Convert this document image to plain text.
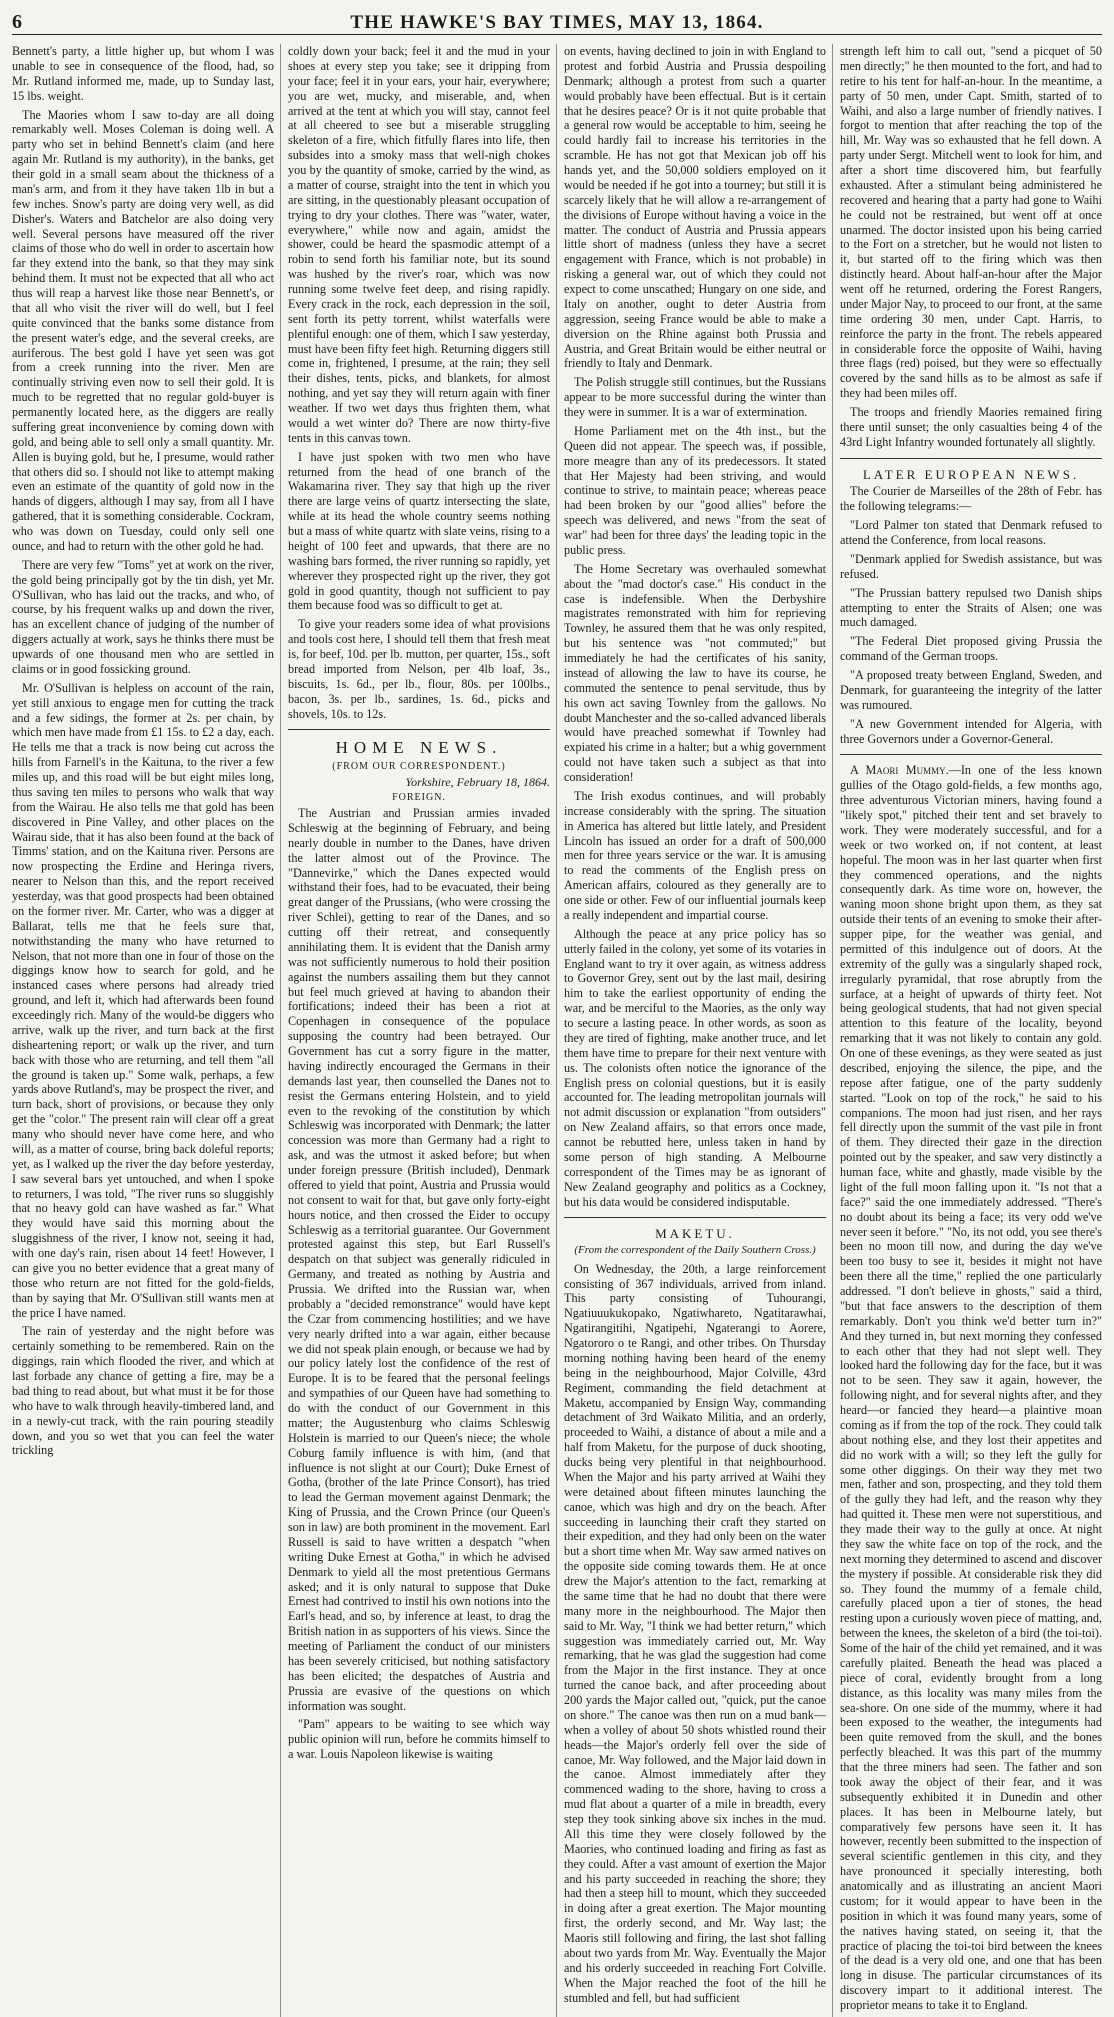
6	THE HAWKE'S BAY TIMES, MAY 13, 1864.

Bennett's party, a little higher up, but whom I was unable to see in consequence of the flood, had, so Mr. Rutland informed me, made, up to Sunday last, 15 lbs. weight.

The Maories whom I saw to-day are all doing remarkably well. Moses Coleman is doing well. A party who set in behind Bennett's claim (and here again Mr. Rutland is my authority), in the banks, get their gold in a small seam about the thickness of a man's arm, and from it they have taken 1lb in but a few inches. Snow's party are doing very well, as did Disher's. Waters and Batchelor are also doing very well. Several persons have measured off the river claims of those who do well in order to ascertain how far they extend into the bank, so that they may sink behind them. It must not be expected that all who act thus will reap a harvest like those near Bennett's, or that all who visit the river will do well, but I feel quite convinced that the banks some distance from the present water's edge, and the several creeks, are auriferous. The best gold I have yet seen was got from a creek running into the river. Men are continually striving even now to sell their gold. It is much to be regretted that no regular gold-buyer is permanently located here, as the diggers are really suffering great inconvenience by coming down with gold, and being able to sell only a small quantity. Mr. Allen is buying gold, but he, I presume, would rather that others did so. I should not like to attempt making even an estimate of the quantity of gold now in the hands of diggers, although I may say, from all I have gathered, that it is something considerable. Cockram, who was down on Tuesday, could only sell one ounce, and had to return with the other gold he had.

There are very few "Toms" yet at work on the river, the gold being principally got by the tin dish, yet Mr. O'Sullivan, who has laid out the tracks, and who, of course, by his frequent walks up and down the river, has an excellent chance of judging of the number of diggers actually at work, says he thinks there must be upwards of one thousand men who are settled in claims or in good fossicking ground.

Mr. O'Sullivan is helpless on account of the rain, yet still anxious to engage men for cutting the track and a few sidings, the former at 2s. per chain, by which men have made from £1 15s. to £2 a day, each. He tells me that a track is now being cut across the hills from Farnell's in the Kaituna, to the river a few miles up, and this road will be but eight miles long, thus saving ten miles to persons who walk that way from the Wairau. He also tells me that gold has been discovered in Pine Valley, and other places on the Wairau side, that it has also been found at the back of Timms' station, and on the Kaituna river. Persons are now prospecting the Erdine and Heringa rivers, nearer to Nelson than this, and the report received yesterday, was that good prospects had been obtained on the former river. Mr. Carter, who was a digger at Ballarat, tells me that he feels sure that, notwithstanding the many who have returned to Nelson, that not more than one in four of those on the diggings know how to search for gold, and he instanced cases where persons had already tried ground, and left it, which had afterwards been found exceedingly rich. Many of the would-be diggers who arrive, walk up the river, and turn back at the first disheartening report; or walk up the river, and turn back with those who are returning, and tell them "all the ground is taken up." Some walk, perhaps, a few yards above Rutland's, may be prospect the river, and turn back, short of provisions, or because they only get the "color." The present rain will clear off a great many who should never have come here, and who will, as a matter of course, bring back doleful reports; yet, as I walked up the river the day before yesterday, I saw several bars yet untouched, and when I spoke to returners, I was told, "The river runs so sluggishly that no heavy gold can have washed as far." What they would have said this morning about the sluggishness of the river, I know not, seeing it had, with one day's rain, risen about 14 feet! However, I can give you no better evidence that a great many of those who return are not fitted for the gold-fields, than by saying that Mr. O'Sullivan still wants men at the price I have named.

The rain of yesterday and the night before was certainly something to be remembered. Rain on the diggings, rain which flooded the river, and which at last forbade any chance of getting a fire, may be a bad thing to read about, but what must it be for those who have to walk through heavily-timbered land, and in a newly-cut track, with the rain pouring steadily down, and you so wet that you can feel the water trickling

coldly down your back; feel it and the mud in your shoes at every step you take; see it dripping from your face; feel it in your ears, your hair, everywhere; you are wet, mucky, and miserable, and, when arrived at the tent at which you will stay, cannot feel at all cheered to see but a miserable struggling skeleton of a fire, which fitfully flares into life, then subsides into a smoky mass that well-nigh chokes you by the quantity of smoke, carried by the wind, as a matter of course, straight into the tent in which you are sitting, in the questionably pleasant occupation of trying to dry your clothes. There was "water, water, everywhere," while now and again, amidst the shower, could be heard the spasmodic attempt of a robin to send forth his familiar note, but its sound was hushed by the river's roar, which was now running some twelve feet deep, and rising rapidly. Every crack in the rock, each depression in the soil, sent forth its petty torrent, whilst waterfalls were plentiful enough: one of them, which I saw yesterday, must have been fifty feet high. Returning diggers still come in, frightened, I presume, at the rain; they sell their dishes, tents, picks, and blankets, for almost nothing, and yet say they will return again with finer weather. If two wet days thus frighten them, what would a wet winter do? There are now thirty-five tents in this canvas town.

I have just spoken with two men who have returned from the head of one branch of the Wakamarina river. They say that high up the river there are large veins of quartz intersecting the slate, while at its head the whole country seems nothing but a mass of white quartz with slate veins, rising to a height of 100 feet and upwards, that there are no washing bars formed, the river running so rapidly, yet wherever they prospected right up the river, they got gold in good quantity, though not sufficient to pay them because food was so difficult to get at.

To give your readers some idea of what provisions and tools cost here, I should tell them that fresh meat is, for beef, 10d. per lb. mutton, per quarter, 15s., soft bread imported from Nelson, per 4lb loaf, 3s., biscuits, 1s. 6d., per lb., flour, 80s. per 100lbs., bacon, 3s. per lb., sardines, 1s. 6d., picks and shovels, 10s. to 12s.

HOME NEWS.
(FROM OUR CORRESPONDENT.)
Yorkshire, February 18, 1864.
FOREIGN.

The Austrian and Prussian armies invaded Schleswig at the beginning of February, and being nearly double in number to the Danes, have driven the latter almost out of the Province. The "Dannevirke," which the Danes expected would withstand their foes, had to be evacuated, their being great danger of the Prussians, (who were crossing the river Schlei), getting to rear of the Danes, and so cutting off their retreat, and consequently annihilating them. It is evident that the Danish army was not sufficiently numerous to hold their position against the numbers assailing them but they cannot but feel much grieved at having to abandon their fortifications; indeed their has been a riot at Copenhagen in consequence of the populace supposing the country had been betrayed. Our Government has cut a sorry figure in the matter, having indirectly encouraged the Germans in their demands last year, then counselled the Danes not to resist the Germans entering Holstein, and to yield even to the revoking of the constitution by which Schleswig was incorporated with Denmark; the latter concession was more than Germany had a right to ask, and was the utmost it asked before; but when under foreign pressure (British included), Denmark offered to yield that point, Austria and Prussia would not consent to wait for that, but gave only forty-eight hours notice, and then crossed the Eider to occupy Schleswig as a territorial guarantee. Our Government protested against this step, but Earl Russell's despatch on that subject was generally ridiculed in Germany, and treated as nothing by Austria and Prussia. We drifted into the Russian war, when probably a "decided remonstrance" would have kept the Czar from commencing hostilities; and we have very nearly drifted into a war again, either because we did not speak plain enough, or because we had by our policy lately lost the confidence of the rest of Europe. It is to be feared that the personal feelings and sympathies of our Queen have had something to do with the conduct of our Government in this matter; the Augustenburg who claims Schleswig Holstein is married to our Queen's niece; the whole Coburg family influence is with him, (and that influence is not slight at our Court); Duke Ernest of Gotha, (brother of the late Prince Consort), has tried to lead the German movement against Denmark; the King of Prussia, and the Crown Prince (our Queen's son in law) are both prominent in the movement. Earl Russell is said to have written a despatch "when writing Duke Ernest at Gotha," in which he advised Denmark to yield all the most pretentious Germans asked; and it is only natural to suppose that Duke Ernest had contrived to instil his own notions into the Earl's head, and so, by inference at least, to drag the British nation in as supporters of his views. Since the meeting of Parliament the conduct of our ministers has been severely criticised, but nothing satisfactory has been elicited; the despatches of Austria and Prussia are evasive of the questions on which information was sought.

"Pam" appears to be waiting to see which way public opinion will run, before he commits himself to a war. Louis Napoleon likewise is waiting

on events, having declined to join in with England to protest and forbid Austria and Prussia despoiling Denmark; although a protest from such a quarter would probably have been effectual. But is it certain that he desires peace? Or is it not quite probable that a general row would be acceptable to him, seeing he could hardly fail to increase his territories in the scramble. He has not got that Mexican job off his hands yet, and the 50,000 soldiers employed on it would be needed if he got into a tourney; but still it is scarcely likely that he will allow a re-arrangement of the divisions of Europe without having a voice in the matter. The conduct of Austria and Prussia appears little short of madness (unless they have a secret engagement with France, which is not probable) in risking a general war, out of which they could not expect to come unscathed; Hungary on one side, and Italy on another, ought to deter Austria from aggression, seeing France would be able to make a diversion on the Rhine against both Prussia and Austria, and Great Britain would be either neutral or friendly to Italy and Denmark.

The Polish struggle still continues, but the Russians appear to be more successful during the winter than they were in summer. It is a war of extermination.

Home Parliament met on the 4th inst., but the Queen did not appear. The speech was, if possible, more meagre than any of its predecessors. It stated that Her Majesty had been striving, and would continue to strive, to maintain peace; whereas peace had been broken by our "good allies" before the speech was delivered, and news "from the seat of war" had been for three days' the leading topic in the public press.

The Home Secretary was overhauled somewhat about the "mad doctor's case." His conduct in the case is indefensible. When the Derbyshire magistrates remonstrated with him for reprieving Townley, he assured them that he was only respited, but his sentence was "not commuted;" but immediately he had the certificates of his sanity, instead of allowing the law to have its course, he commuted the sentence to penal servitude, thus by his own act saving Townley from the gallows. No doubt Manchester and the so-called advanced liberals would have preached somewhat if Townley had expiated his crime in a halter; but a whig government could not have taken such a subject as that into consideration!

The Irish exodus continues, and will probably increase considerably with the spring. The situation in America has altered but little lately, and President Lincoln has issued an order for a draft of 500,000 men for three years service or the war. It is amusing to read the comments of the English press on American affairs, coloured as they generally are to one side or other. Few of our influential journals keep a really independent and impartial course.

Although the peace at any price policy has so utterly failed in the colony, yet some of its votaries in England want to try it over again, as witness address to Governor Grey, sent out by the last mail, desiring him to take the earliest opportunity of ending the war, and be merciful to the Maories, as the only way to secure a lasting peace. In other words, as soon as they are tired of fighting, make another truce, and let them have time to prepare for their next venture with us. The colonists often notice the ignorance of the English press on colonial questions, but it is easily accounted for. The leading metropolitan journals will not admit discussion or explanation "from outsiders" on New Zealand affairs, so that errors once made, cannot be rebutted here, unless taken in hand by some person of high standing. A Melbourne correspondent of the Times may be as ignorant of New Zealand geography and politics as a Cockney, but his data would be considered indisputable.

MAKETU.
(From the correspondent of the Daily Southern Cross.)

On Wednesday, the 20th, a large reinforcement consisting of 367 individuals, arrived from inland. This party consisting of Tuhourangi, Ngatiuuukukopako, Ngatiwhareto, Ngatitarawhai, Ngatirangitihi, Ngatipehi, Ngaterangi to Aorere, Ngatororo o te Rangi, and other tribes. On Thursday morning nothing having been heard of the enemy being in the neighbourhood, Major Colville, 43rd Regiment, commanding the field detachment at Maketu, accompanied by Ensign Way, commanding detachment of 3rd Waikato Militia, and an orderly, proceeded to Waihi, a distance of about a mile and a half from Maketu, for the purpose of duck shooting, ducks being very plentiful in that neighbourhood. When the Major and his party arrived at Waihi they were detained about fifteen minutes launching the canoe, which was high and dry on the beach. After succeeding in launching their craft they started on their expedition, and they had only been on the water but a short time when Mr. Way saw armed natives on the opposite side coming towards them. He at once drew the Major's attention to the fact, remarking at the same time that he had no doubt that there were many more in the neighbourhood. The Major then said to Mr. Way, "I think we had better return," which suggestion was immediately carried out, Mr. Way remarking, that he was glad the suggestion had come from the Major in the first instance. They at once turned the canoe back, and after proceeding about 200 yards the Major called out, "quick, put the canoe on shore." The canoe was then run on a mud bank—when a volley of about 50 shots whistled round their heads—the Major's orderly fell over the side of canoe, Mr. Way followed, and the Major laid down in the canoe. Almost immediately after they commenced wading to the shore, having to cross a mud flat about a quarter of a mile in breadth, every step they took sinking above six inches in the mud. All this time they were closely followed by the Maories, who continued loading and firing as fast as they could. After a vast amount of exertion the Major and his party succeeded in reaching the shore; they had then a steep hill to mount, which they succeeded in doing after a great exertion. The Major mounting first, the orderly second, and Mr. Way last; the Maoris still following and firing, the last shot falling about two yards from Mr. Way. Eventually the Major and his orderly succeeded in reaching Fort Colville. When the Major reached the foot of the hill he stumbled and fell, but had sufficient

strength left him to call out, "send a picquet of 50 men directly;" he then mounted to the fort, and had to retire to his tent for half-an-hour. In the meantime, a party of 50 men, under Capt. Smith, started of to Waihi, and also a large number of friendly natives. I forgot to mention that after reaching the top of the hill, Mr. Way was so exhausted that he fell down. A party under Sergt. Mitchell went to look for him, and after a short time discovered him, but fearfully exhausted. After a stimulant being administered he recovered and hearing that a party had gone to Waihi he could not be restrained, but went off at once unarmed. The doctor insisted upon his being carried to the Fort on a stretcher, but he would not listen to it, but started off to the firing which was then distinctly heard. About half-an-hour after the Major went off he returned, ordering the Forest Rangers, under Major Nay, to proceed to our front, at the same time ordering 30 men, under Capt. Harris, to reinforce the party in the front. The rebels appeared in considerable force the opposite of Waihi, having three flags (red) poised, but they were so effectually covered by the sand hills as to be almost as safe if they had been miles off.

The troops and friendly Maories remained firing there until sunset; the only casualties being 4 of the 43rd Light Infantry wounded fortunately all slightly.

LATER EUROPEAN NEWS.

The Courier de Marseilles of the 28th of Febr. has the following telegrams:—

"Lord Palmer ton stated that Denmark refused to attend the Conference, from local reasons.

"Denmark applied for Swedish assistance, but was refused.

"The Prussian battery repulsed two Danish ships attempting to enter the Straits of Alsen; one was much damaged.

"The Federal Diet proposed giving Prussia the command of the German troops.

"A proposed treaty between England, Sweden, and Denmark, for guaranteeing the integrity of the latter was rumoured.

"A new Government intended for Algeria, with three Governors under a Governor-General.

A Maori Mummy.—In one of the less known gullies of the Otago gold-fields, a few months ago, three adventurous Victorian miners, having found a "likely spot," pitched their tent and set bravely to work. They were moderately successful, and for a week or two worked on, if not content, at least hopeful. The moon was in her last quarter when first they commenced operations, and the nights consequently dark. As time wore on, however, the waning moon shone bright upon them, as they sat outside their tents of an evening to smoke their after-supper pipe, for the weather was genial, and permitted of this indulgence out of doors. At the extremity of the gully was a singularly shaped rock, irregularly pyramidal, that rose abruptly from the surface, at a height of upwards of thirty feet. Not being geological students, that had not given special attention to this feature of the locality, beyond remarking that it was not likely to contain any gold. On one of these evenings, as they were seated as just described, enjoying the silence, the pipe, and the repose after fatigue, one of the party suddenly started. "Look on top of the rock," he said to his companions. The moon had just risen, and her rays fell directly upon the summit of the vast pile in front of them. They directed their gaze in the direction pointed out by the speaker, and saw very distinctly a human face, white and ghastly, made visible by the light of the full moon falling upon it. "Is not that a face?" said the one immediately addressed. "There's no doubt about its being a face; its very odd we've never seen it before." "No, its not odd, you see there's been no moon till now, and during the day we've been too busy to see it, besides it might not have been there all the time," replied the one particularly addressed. "I don't believe in ghosts," said a third, "but that face answers to the description of them remarkably. Don't you think we'd better turn in?" And they turned in, but next morning they confessed to each other that they had not slept well. They looked hard the following day for the face, but it was not to be seen. They saw it again, however, the following night, and for several nights after, and they heard—or fancied they heard—a plaintive moan coming as if from the top of the rock. They could talk about nothing else, and they lost their appetites and did no work with a will; so they left the gully for some other diggings. On their way they met two men, father and son, prospecting, and they told them of the gully they had left, and the reason why they had quitted it. These men were not superstitious, and they made their way to the gully at once. At night they saw the white face on top of the rock, and the next morning they determined to ascend and discover the mystery if possible. At considerable risk they did so. They found the mummy of a female child, carefully placed upon a tier of stones, the head resting upon a curiously woven piece of matting, and, between the knees, the skeleton of a bird (the toi-toi). Some of the hair of the child yet remained, and it was carefully plaited. Beneath the head was placed a piece of coral, evidently brought from a long distance, as this locality was many miles from the sea-shore. On one side of the mummy, where it had been exposed to the weather, the integuments had been quite removed from the skull, and the bones perfectly bleached. It was this part of the mummy that the three miners had seen. The father and son took away the object of their fear, and it was subsequently exhibited it in Dunedin and other places. It has been in Melbourne lately, but comparatively few persons have seen it. It has however, recently been submitted to the inspection of several scientific gentlemen in this city, and they have pronounced it specially interesting, both anatomically and as illustrating an ancient Maori custom; for it would appear to have been in the position in which it was found many years, some of the natives having stated, on seeing it, that the practice of placing the toi-toi bird between the knees of the dead is a very old one, and one that has been long in disuse. The particular circumstances of its discovery impart to it additional interest. The proprietor means to take it to England.
